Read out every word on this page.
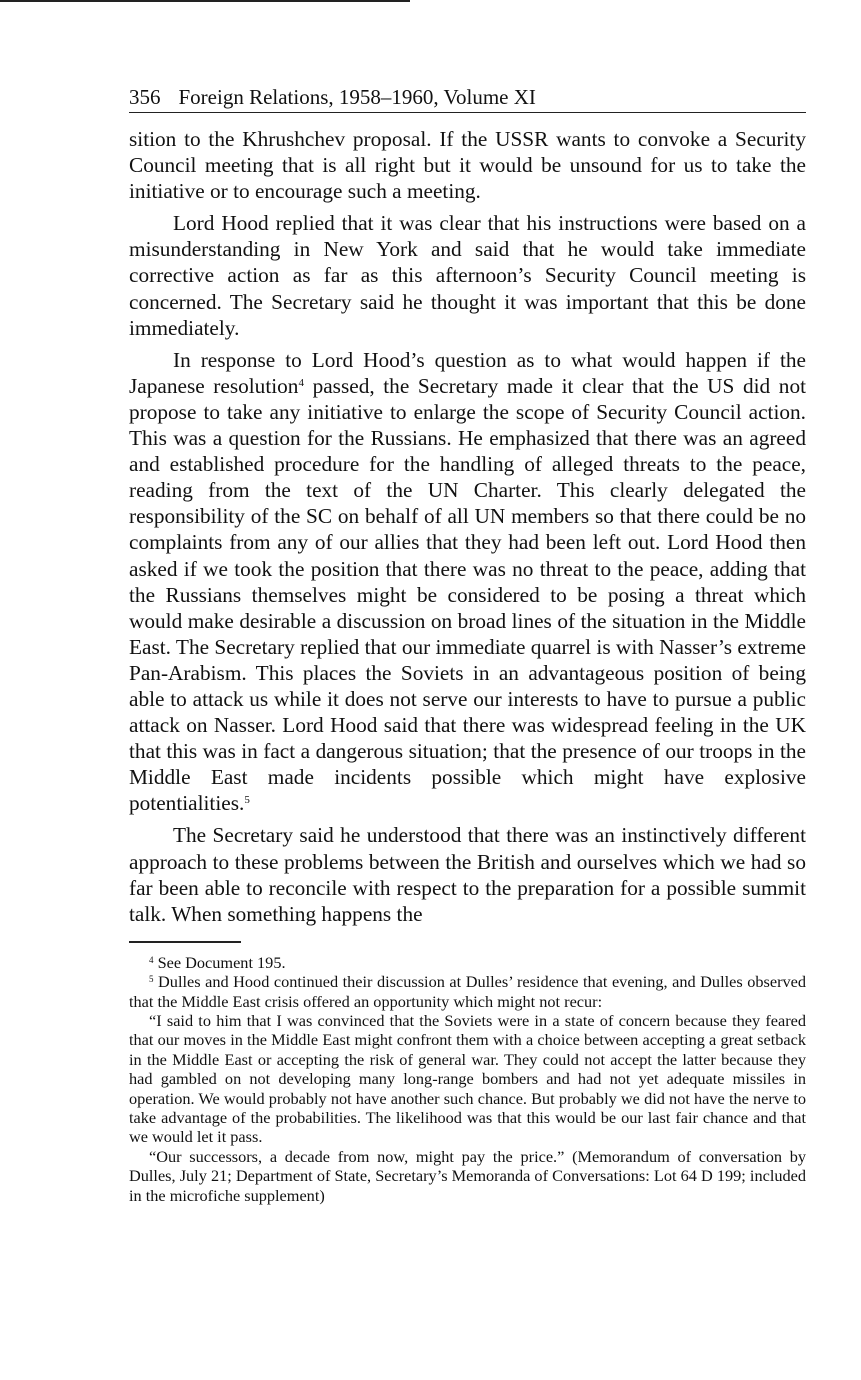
356 Foreign Relations, 1958–1960, Volume XI

sition to the Khrushchev proposal. If the USSR wants to convoke a Security Council meeting that is all right but it would be unsound for us to take the initiative or to encourage such a meeting.

Lord Hood replied that it was clear that his instructions were based on a misunderstanding in New York and said that he would take immediate corrective action as far as this afternoon’s Security Council meeting is concerned. The Secretary said he thought it was important that this be done immediately.

In response to Lord Hood’s question as to what would happen if the Japanese resolution$^4$ passed, the Secretary made it clear that the US did not propose to take any initiative to enlarge the scope of Security Council action. This was a question for the Russians. He emphasized that there was an agreed and established procedure for the handling of alleged threats to the peace, reading from the text of the UN Charter. This clearly delegated the responsibility of the SC on behalf of all UN members so that there could be no complaints from any of our allies that they had been left out. Lord Hood then asked if we took the position that there was no threat to the peace, adding that the Russians themselves might be considered to be posing a threat which would make desirable a discussion on broad lines of the situation in the Middle East. The Secretary replied that our immediate quarrel is with Nasser’s extreme Pan-Arabism. This places the Soviets in an advantageous position of being able to attack us while it does not serve our interests to have to pursue a public attack on Nasser. Lord Hood said that there was widespread feeling in the UK that this was in fact a dangerous situation; that the presence of our troops in the Middle East made incidents possible which might have explosive potentialities.$^5$

The Secretary said he understood that there was an instinctively different approach to these problems between the British and ourselves which we had so far been able to reconcile with respect to the preparation for a possible summit talk. When something happens the

$^4$ See Document 195.

$^5$ Dulles and Hood continued their discussion at Dulles’ residence that evening, and Dulles observed that the Middle East crisis offered an opportunity which might not recur:

“I said to him that I was convinced that the Soviets were in a state of concern because they feared that our moves in the Middle East might confront them with a choice between accepting a great setback in the Middle East or accepting the risk of general war. They could not accept the latter because they had gambled on not developing many long-range bombers and had not yet adequate missiles in operation. We would probably not have another such chance. But probably we did not have the nerve to take advantage of the probabilities. The likelihood was that this would be our last fair chance and that we would let it pass.

“Our successors, a decade from now, might pay the price.” (Memorandum of conversation by Dulles, July 21; Department of State, Secretary’s Memoranda of Conversations: Lot 64 D 199; included in the microfiche supplement)
